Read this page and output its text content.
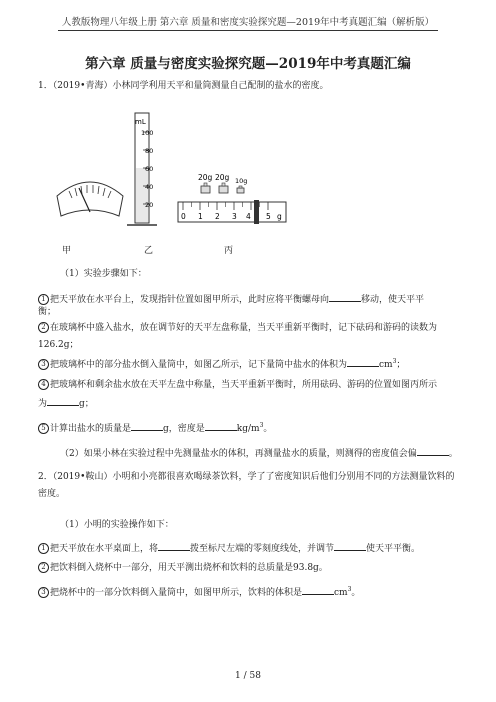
人教版物理八年级上册 第六章 质量和密度实验探究题—2019年中考真题汇编（解析版）
第六章 质量与密度实验探究题—2019年中考真题汇编
1．（2019•青海）小林同学利用天平和量筒测量自己配制的盐水的密度。
mL
100
80
60
40
20
20g 20g 10g
0 1 2 3 4 5 g
甲	乙	丙
（1）实验步骤如下：
1 把天平放在水平台上，发现指针位置如图甲所示，此时应将平衡螺母向	移动，使天平平
衡；
2 在玻璃杯中盛入盐水，放在调节好的天平左盘称量，当天平重新平衡时，记下砝码和游码的读数为
126.2g；
3 把玻璃杯中的部分盐水倒入量筒中，如图乙所示，记下量筒中盐水的体积为	$cm^3$；
4 把玻璃杯和剩余盐水放在天平左盘中称量，当天平重新平衡时，所用砝码、游码的位置如图丙所示
为	g；
5 计算出盐水的质量是	g，密度是	$kg/m^3$。
（2）如果小林在实验过程中先测量盐水的体积，再测量盐水的质量，则测得的密度值会偏	。
2．（2019•鞍山）小明和小亮都很喜欢喝绿茶饮料，学了了密度知识后他们分别用不同的方法测量饮料的
密度。
（1）小明的实验操作如下：
1 把天平放在水平桌面上，将	拨至标尺左端的零刻度线处，并调节	使天平平衡。
2 把饮料倒入烧杯中一部分，用天平测出烧杯和饮料的总质量是93.8g。
3 把烧杯中的一部分饮料倒入量筒中，如图甲所示，饮料的体积是	$cm^3$。
1 / 58
